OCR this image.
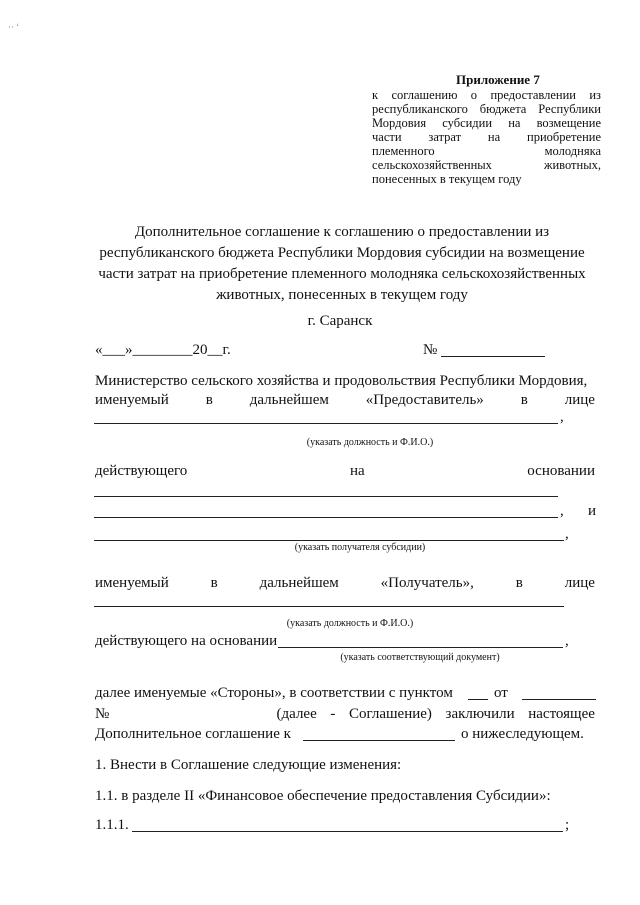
·· ‘
Приложение 7
к соглашению о предоставлении из
республиканского бюджета Республики
Мордовия субсидии на возмещение
части затрат на приобретение
племенного молодняка
сельскохозяйственных животных,
понесенных в текущем году
Дополнительное соглашение к соглашению о предоставлении из
республиканского бюджета Республики Мордовия субсидии на возмещение
части затрат на приобретение племенного молодняка сельскохозяйственных
животных, понесенных в текущем году
г. Саранск
«___»________20__г.	№
Министерство сельского хозяйства и продовольствия Республики Мордовия,
именуемый в дальнейшем «Предоставитель» в лице
,
(указать должность и Ф.И.О.)
действующего	на	основании
, и
,
(указать получателя субсидии)
именуемый	в	дальнейшем	«Получатель»,	в	лице
(указать должность и Ф.И.О.)
действующего на основании	,
(указать соответствующий документ)
далее именуемые «Стороны», в соответствии с пунктом	от
№	(далее - Соглашение) заключили настоящее
Дополнительное соглашение к	о нижеследующем.
1. Внести в Соглашение следующие изменения:
1.1. в разделе II «Финансовое обеспечение предоставления Субсидии»:
1.1.1.	;
